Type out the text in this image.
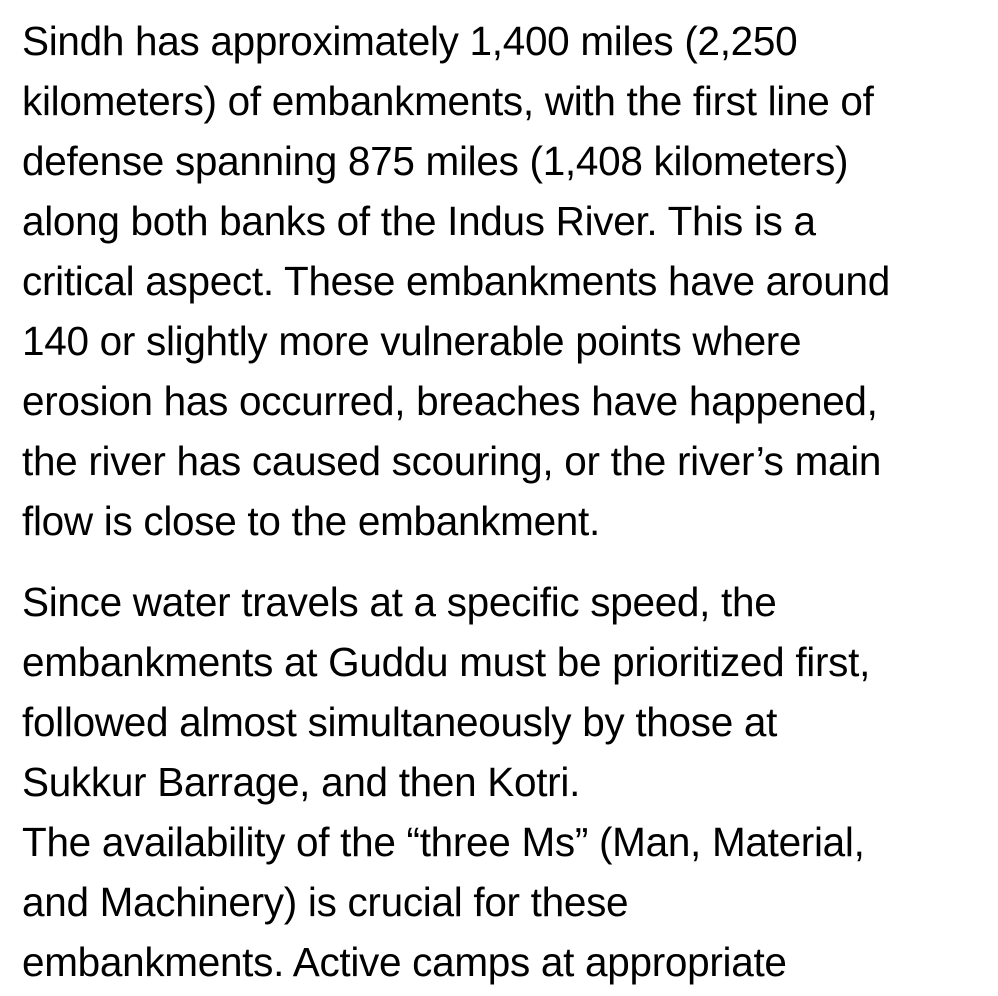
Sindh has approximately 1,400 miles (2,250
kilometers) of embankments, with the first line of
defense spanning 875 miles (1,408 kilometers)
along both banks of the Indus River. This is a
critical aspect. These embankments have around
140 or slightly more vulnerable points where
erosion has occurred, breaches have happened,
the river has caused scouring, or the river’s main
flow is close to the embankment.

Since water travels at a specific speed, the
embankments at Guddu must be prioritized first,
followed almost simultaneously by those at
Sukkur Barrage, and then Kotri.

The availability of the “three Ms” (Man, Material,
and Machinery) is crucial for these
embankments. Active camps at appropriate
